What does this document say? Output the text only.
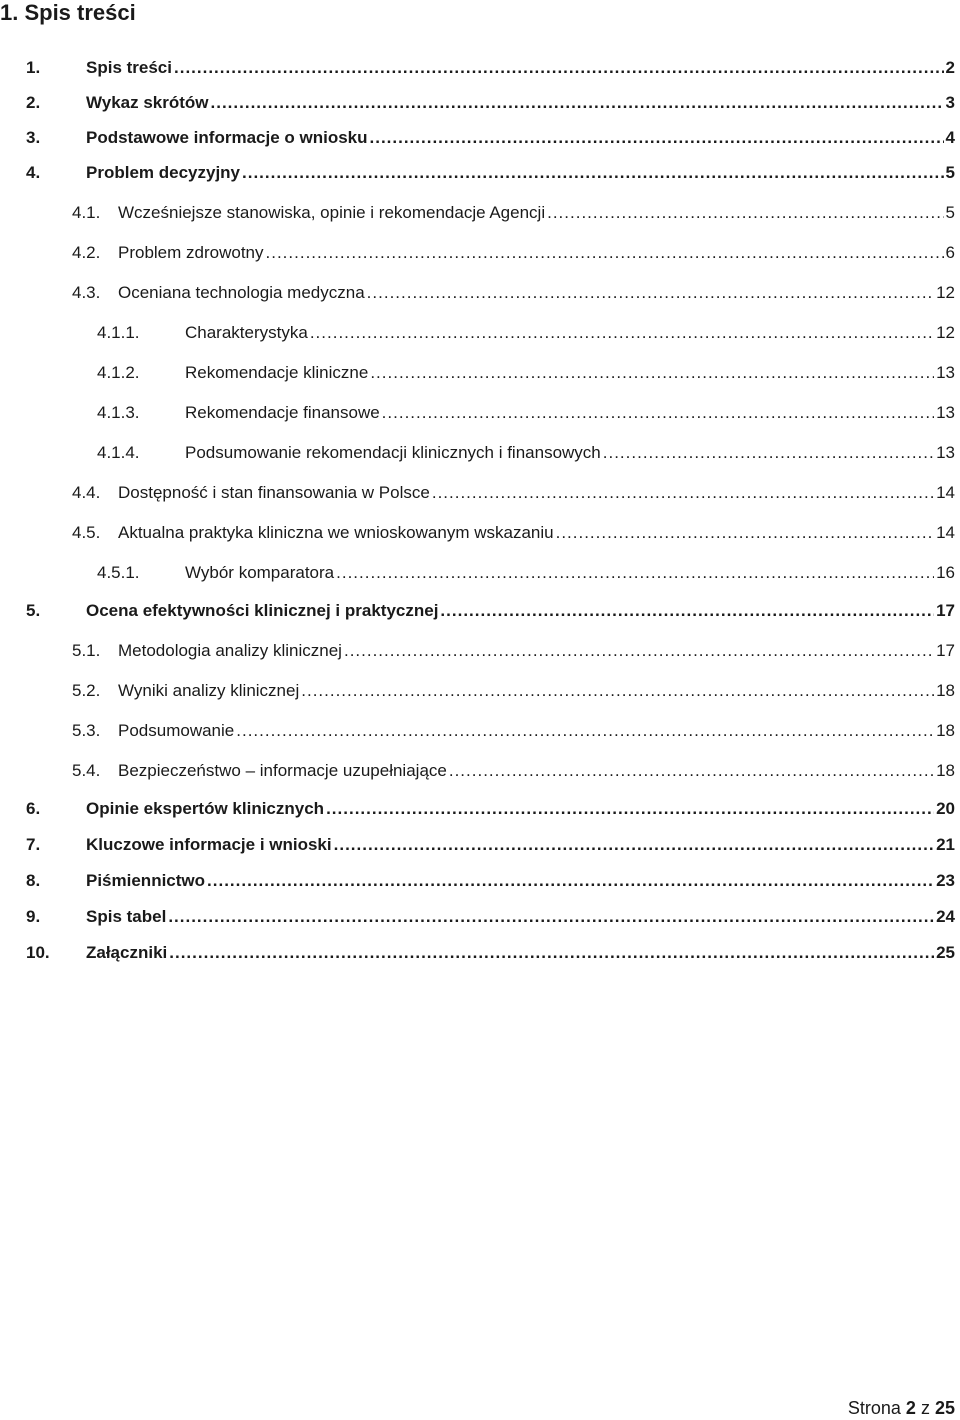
1. Spis treści
1.	Spis treści .....	2
2.	Wykaz skrótów .....	3
3.	Podstawowe informacje o wniosku .....	4
4.	Problem decyzyjny .....	5
4.1.	Wcześniejsze stanowiska, opinie i rekomendacje Agencji .....	5
4.2.	Problem zdrowotny .....	6
4.3.	Oceniana technologia medyczna .....	12
4.1.1.	Charakterystyka .....	12
4.1.2.	Rekomendacje kliniczne .....	13
4.1.3.	Rekomendacje finansowe .....	13
4.1.4.	Podsumowanie rekomendacji klinicznych i finansowych .....	13
4.4.	Dostępność i stan finansowania w Polsce .....	14
4.5.	Aktualna praktyka kliniczna we wnioskowanym wskazaniu .....	14
4.5.1.	Wybór komparatora .....	16
5.	Ocena efektywności klinicznej i praktycznej .....	17
5.1.	Metodologia analizy klinicznej .....	17
5.2.	Wyniki analizy klinicznej .....	18
5.3.	Podsumowanie .....	18
5.4.	Bezpieczeństwo – informacje uzupełniające .....	18
6.	Opinie ekspertów klinicznych .....	20
7.	Kluczowe informacje i wnioski .....	21
8.	Piśmiennictwo .....	23
9.	Spis tabel .....	24
10.	Załączniki .....	25
Strona 2 z 25
